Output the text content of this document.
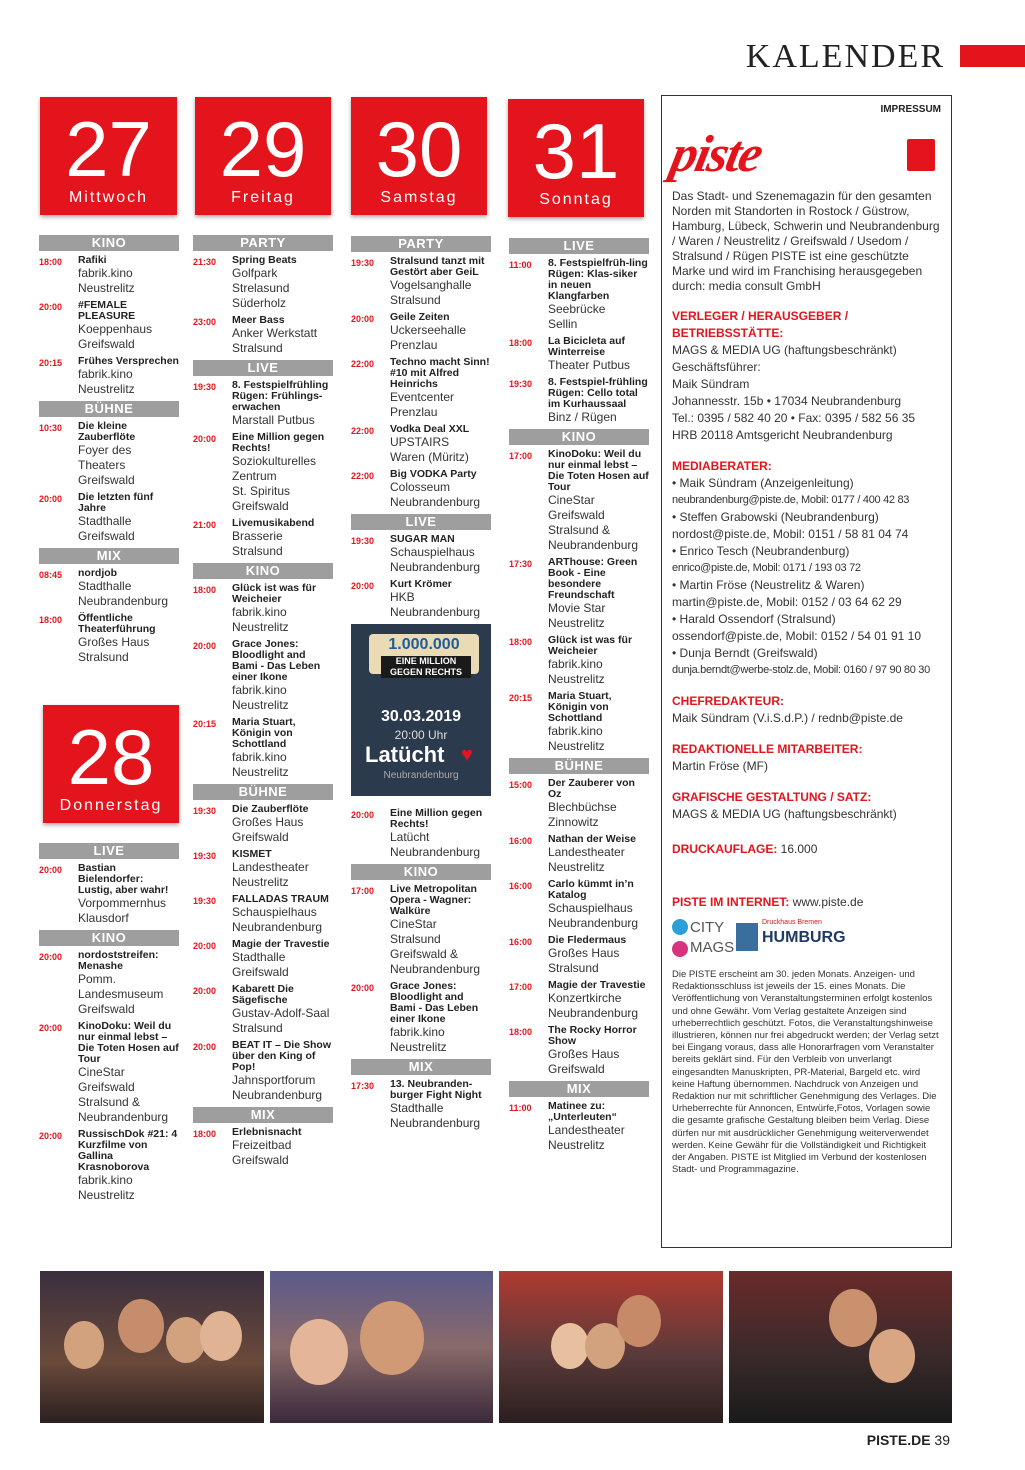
KALENDER
27
Mittwoch
29
Freitag
30
Samstag
31
Sonntag
28
Donnerstag
KINO
18:00	Rafiki
fabrik.kino
Neustrelitz
20:00	#FEMALE PLEASURE
Koeppenhaus
Greifswald
20:15	Frühes Versprechen
fabrik.kino
Neustrelitz
BÜHNE
10:30	Die kleine Zauberflöte
Foyer des Theaters
Greifswald
20:00	Die letzten fünf Jahre
Stadthalle
Greifswald
MIX
08:45	nordjob
Stadthalle
Neubrandenburg
18:00	Öffentliche Theaterführung
Großes Haus
Stralsund
LIVE
20:00	Bastian Bielendorfer: Lustig, aber wahr!
Vorpommernhus
Klausdorf
KINO
20:00	nordoststreifen: Menashe
Pomm.
Landesmuseum
Greifswald
20:00	KinoDoku: Weil du nur einmal lebst – Die Toten Hosen auf Tour
CineStar
Greifswald
Stralsund &
Neubrandenburg
20:00	RussischDok #21: 4 Kurzfilme von Gallina Krasnoborova
fabrik.kino
Neustrelitz
PARTY
21:30	Spring Beats
Golfpark
Strelasund
Süderholz
23:00	Meer Bass
Anker Werkstatt
Stralsund
LIVE
19:30	8. Festspielfrühling Rügen: Frühlings-erwachen
Marstall Putbus
20:00	Eine Million gegen Rechts!
Soziokulturelles
Zentrum
St. Spiritus
Greifswald
21:00	Livemusikabend
Brasserie
Stralsund
KINO
18:00	Glück ist was für Weicheier
fabrik.kino
Neustrelitz
20:00	Grace Jones: Bloodlight and Bami - Das Leben einer Ikone
fabrik.kino
Neustrelitz
20:15	Maria Stuart, Königin von Schottland
fabrik.kino
Neustrelitz
BÜHNE
19:30	Die Zauberflöte
Großes Haus
Greifswald
19:30	KISMET
Landestheater
Neustrelitz
19:30	FALLADAS TRAUM
Schauspielhaus
Neubrandenburg
20:00	Magie der Travestie
Stadthalle
Greifswald
20:00	Kabarett Die Sägefische
Gustav-Adolf-Saal
Stralsund
20:00	BEAT IT – Die Show über den King of Pop!
Jahnsportforum
Neubrandenburg
MIX
18:00	Erlebnisnacht
Freizeitbad
Greifswald
PARTY
19:30	Stralsund tanzt mit Gestört aber GeiL
Vogelsanghalle
Stralsund
20:00	Geile Zeiten
Uckerseehalle
Prenzlau
22:00	Techno macht Sinn! #10 mit Alfred Heinrichs
Eventcenter
Prenzlau
22:00	Vodka Deal XXL
UPSTAIRS
Waren (Müritz)
22:00	Big VODKA Party
Colosseum
Neubrandenburg
LIVE
19:30	SUGAR MAN
Schauspielhaus
Neubrandenburg
20:00	Kurt Krömer
HKB
Neubrandenburg
1.000.000
EINE MILLION GEGEN RECHTS
30.03.2019
20:00 Uhr
Latücht ♥
Neubrandenburg
20:00	Eine Million gegen Rechts!
Latücht
Neubrandenburg
KINO
17:00	Live Metropolitan Opera - Wagner: Walküre
CineStar
Stralsund
Greifswald &
Neubrandenburg
20:00	Grace Jones: Bloodlight and Bami - Das Leben einer Ikone
fabrik.kino
Neustrelitz
MIX
17:30	13. Neubranden-burger Fight Night
Stadthalle
Neubrandenburg
LIVE
11:00	8. Festspielfrüh-ling Rügen: Klas-siker in neuen Klangfarben
Seebrücke
Sellin
18:00	La Bicicleta auf Winterreise
Theater Putbus
19:30	8. Festspiel-frühling Rügen: Cello total im Kurhaussaal
Binz / Rügen
KINO
17:00	KinoDoku: Weil du nur einmal lebst – Die Toten Hosen auf Tour
CineStar
Greifswald
Stralsund &
Neubrandenburg
17:30	ARThouse: Green Book - Eine besondere Freundschaft
Movie Star
Neustrelitz
18:00	Glück ist was für Weicheier
fabrik.kino
Neustrelitz
20:15	Maria Stuart, Königin von Schottland
fabrik.kino
Neustrelitz
BÜHNE
15:00	Der Zauberer von Oz
Blechbüchse
Zinnowitz
16:00	Nathan der Weise
Landestheater
Neustrelitz
16:00	Carlo kümmt in’n Katalog
Schauspielhaus
Neubrandenburg
16:00	Die Fledermaus
Großes Haus
Stralsund
17:00	Magie der Travestie
Konzertkirche
Neubrandenburg
18:00	The Rocky Horror Show
Großes Haus
Greifswald
MIX
11:00	Matinee zu: „Unterleuten“
Landestheater
Neustrelitz
IMPRESSUM
piste

Das Stadt- und Szenemagazin für den gesamten Norden mit Standorten in Rostock / Güstrow, Hamburg, Lübeck, Schwerin und Neubrandenburg / Waren / Neustrelitz / Greifswald / Usedom / Stralsund / Rügen PISTE ist eine geschützte Marke und wird im Franchising herausgegeben durch: media consult GmbH

VERLEGER / HERAUSGEBER / BETRIEBSSTÄTTE:
MAGS & MEDIA UG (haftungsbeschränkt)
Geschäftsführer:
Maik Sündram
Johannesstr. 15b • 17034 Neubrandenburg
Tel.: 0395 / 582 40 20 • Fax: 0395 / 582 56 35
HRB 20118 Amtsgericht Neubrandenburg
MEDIABERATER:
• Maik Sündram (Anzeigenleitung)
neubrandenburg@piste.de, Mobil: 0177 / 400 42 83
• Steffen Grabowski (Neubrandenburg)
nordost@piste.de, Mobil: 0151 / 58 81 04 74
• Enrico Tesch (Neubrandenburg)
enrico@piste.de, Mobil: 0171 / 193 03 72
• Martin Fröse (Neustrelitz & Waren)
martin@piste.de, Mobil: 0152 / 03 64 62 29
• Harald Ossendorf (Stralsund)
ossendorf@piste.de, Mobil: 0152 / 54 01 91 10
• Dunja Berndt (Greifswald)
dunja.berndt@werbe-stolz.de, Mobil: 0160 / 97 90 80 30
CHEFREDAKTEUR:
Maik Sündram (V.i.S.d.P.) / rednb@piste.de
REDAKTIONELLE MITARBEITER:
Martin Fröse (MF)
GRAFISCHE GESTALTUNG / SATZ:
MAGS & MEDIA UG (haftungsbeschränkt)
DRUCKAUFLAGE: 16.000
PISTE IM INTERNET: www.piste.de
CITY
MAGS
Druckhaus Bremen
HUMBURG

Die PISTE erscheint am 30. jeden Monats. Anzeigen- und Redaktionsschluss ist jeweils der 15. eines Monats. Die Veröffentlichung von Veranstaltungsterminen erfolgt kostenlos und ohne Gewähr. Vom Verlag gestaltete Anzeigen sind urheberrechtlich geschützt. Fotos, die Veranstaltungshinweise illustrieren, können nur frei abgedruckt werden; der Verlag setzt bei Eingang voraus, dass alle Honorarfragen vom Veranstalter bereits geklärt sind. Für den Verbleib von unverlangt eingesandten Manuskripten, PR-Material, Bargeld etc. wird keine Haftung übernommen. Nachdruck von Anzeigen und Redaktion nur mit schriftlicher Genehmigung des Verlages. Die Urheberrechte für Annoncen, Entwürfe,Fotos, Vorlagen sowie die gesamte grafische Gestaltung bleiben beim Verlag. Diese dürfen nur mit ausdrücklicher Genehmigung weiterverwendet werden. Keine Gewähr für die Vollständigkeit und Richtigkeit der Angaben. PISTE ist Mitglied im Verbund der kostenlosen Stadt- und Programmagazine.

PISTE.DE 39
